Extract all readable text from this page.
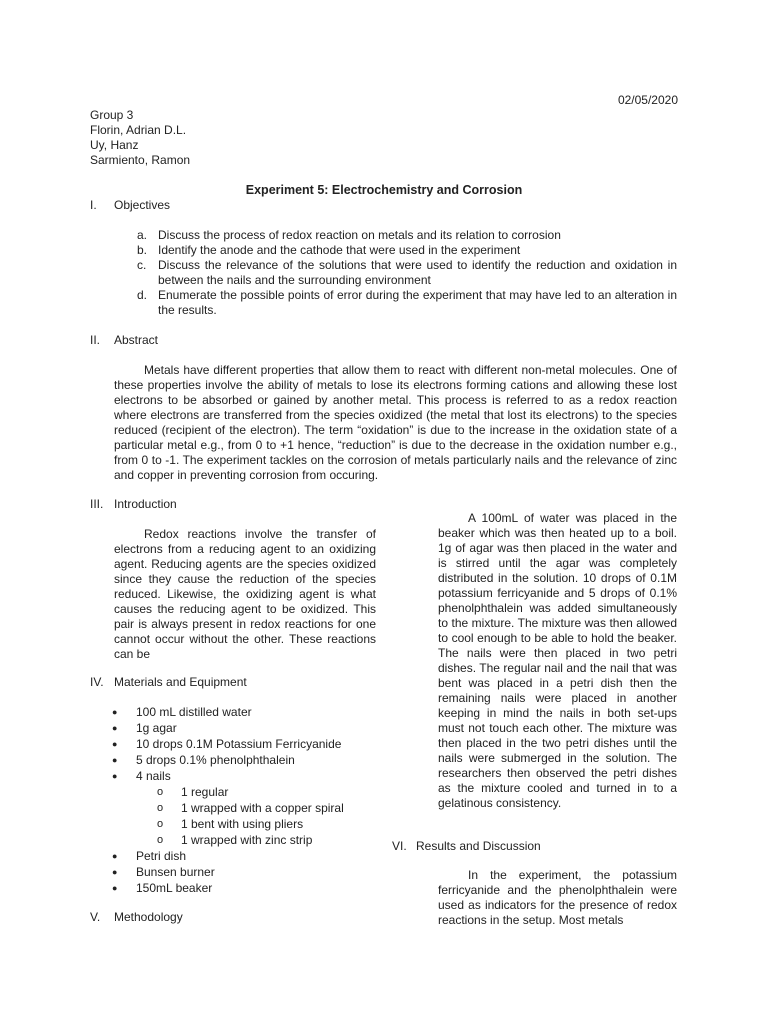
02/05/2020
Group 3
Florin, Adrian D.L.
Uy, Hanz
Sarmiento, Ramon
Experiment 5: Electrochemistry and Corrosion
I.	Objectives
a. Discuss the process of redox reaction on metals and its relation to corrosion
b. Identify the anode and the cathode that were used in the experiment
c. Discuss the relevance of the solutions that were used to identify the reduction and oxidation in between the nails and the surrounding environment
d. Enumerate the possible points of error during the experiment that may have led to an alteration in the results.
II.	Abstract
Metals have different properties that allow them to react with different non-metal molecules. One of these properties involve the ability of metals to lose its electrons forming cations and allowing these lost electrons to be absorbed or gained by another metal. This process is referred to as a redox reaction where electrons are transferred from the species oxidized (the metal that lost its electrons) to the species reduced (recipient of the electron). The term “oxidation” is due to the increase in the oxidation state of a particular metal e.g., from 0 to +1 hence, “reduction” is due to the decrease in the oxidation number e.g., from 0 to -1. The experiment tackles on the corrosion of metals particularly nails and the relevance of zinc and copper in preventing corrosion from occuring.
III. Introduction
Redox reactions involve the transfer of electrons from a reducing agent to an oxidizing agent. Reducing agents are the species oxidized since they cause the reduction of the species reduced. Likewise, the oxidizing agent is what causes the reducing agent to be oxidized. This pair is always present in redox reactions for one cannot occur without the other. These reactions can be
IV. Materials and Equipment
●	100 mL distilled water
●	1g agar
●	10 drops 0.1M Potassium Ferricyanide
●	5 drops 0.1% phenolphthalein
●	4 nails
o	1 regular
o	1 wrapped with a copper spiral
o	1 bent with using pliers
o	1 wrapped with zinc strip
●	Petri dish
●	Bunsen burner
●	150mL beaker
V.	Methodology
A 100mL of water was placed in the beaker which was then heated up to a boil. 1g of agar was then placed in the water and is stirred until the agar was completely distributed in the solution. 10 drops of 0.1M potassium ferricyanide and 5 drops of 0.1% phenolphthalein was added simultaneously to the mixture. The mixture was then allowed to cool enough to be able to hold the beaker. The nails were then placed in two petri dishes. The regular nail and the nail that was bent was placed in a petri dish then the remaining nails were placed in another keeping in mind the nails in both set-ups must not touch each other. The mixture was then placed in the two petri dishes until the nails were submerged in the solution. The researchers then observed the petri dishes as the mixture cooled and turned in to a gelatinous consistency.
VI. Results and Discussion
In the experiment, the potassium ferricyanide and the phenolphthalein were used as indicators for the presence of redox reactions in the setup. Most metals
